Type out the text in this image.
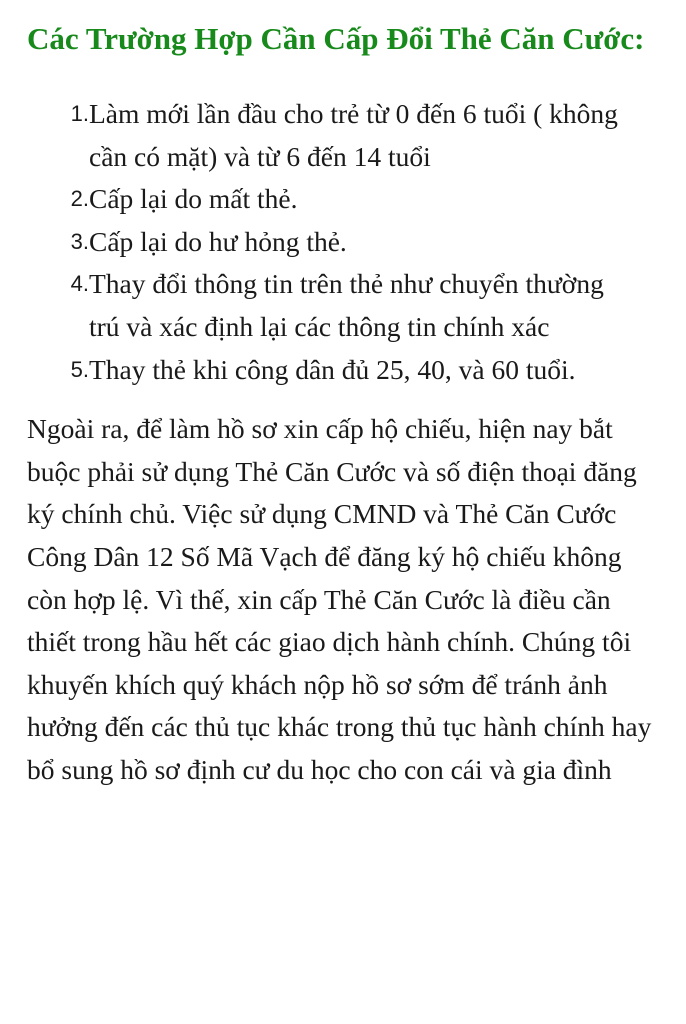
Các Trường Hợp Cần Cấp Đổi Thẻ Căn Cước:
1. Làm mới lần đầu cho trẻ từ 0 đến 6 tuổi ( không cần có mặt) và từ 6 đến 14 tuổi
2. Cấp lại do mất thẻ.
3. Cấp lại do hư hỏng thẻ.
4. Thay đổi thông tin trên thẻ như chuyển thường trú và xác định lại các thông tin chính xác
5. Thay thẻ khi công dân đủ 25, 40, và 60 tuổi.

Ngoài ra, để làm hồ sơ xin cấp hộ chiếu, hiện nay bắt buộc phải sử dụng Thẻ Căn Cước và số điện thoại đăng ký chính chủ. Việc sử dụng CMND và Thẻ Căn Cước Công Dân 12 Số Mã Vạch để đăng ký hộ chiếu không còn hợp lệ. Vì thế, xin cấp Thẻ Căn Cước là điều cần thiết trong hầu hết các giao dịch hành chính. Chúng tôi khuyến khích quý khách nộp hồ sơ sớm để tránh ảnh hưởng đến các thủ tục khác trong thủ tục hành chính hay bổ sung hồ sơ định cư du học cho con cái và gia đình
